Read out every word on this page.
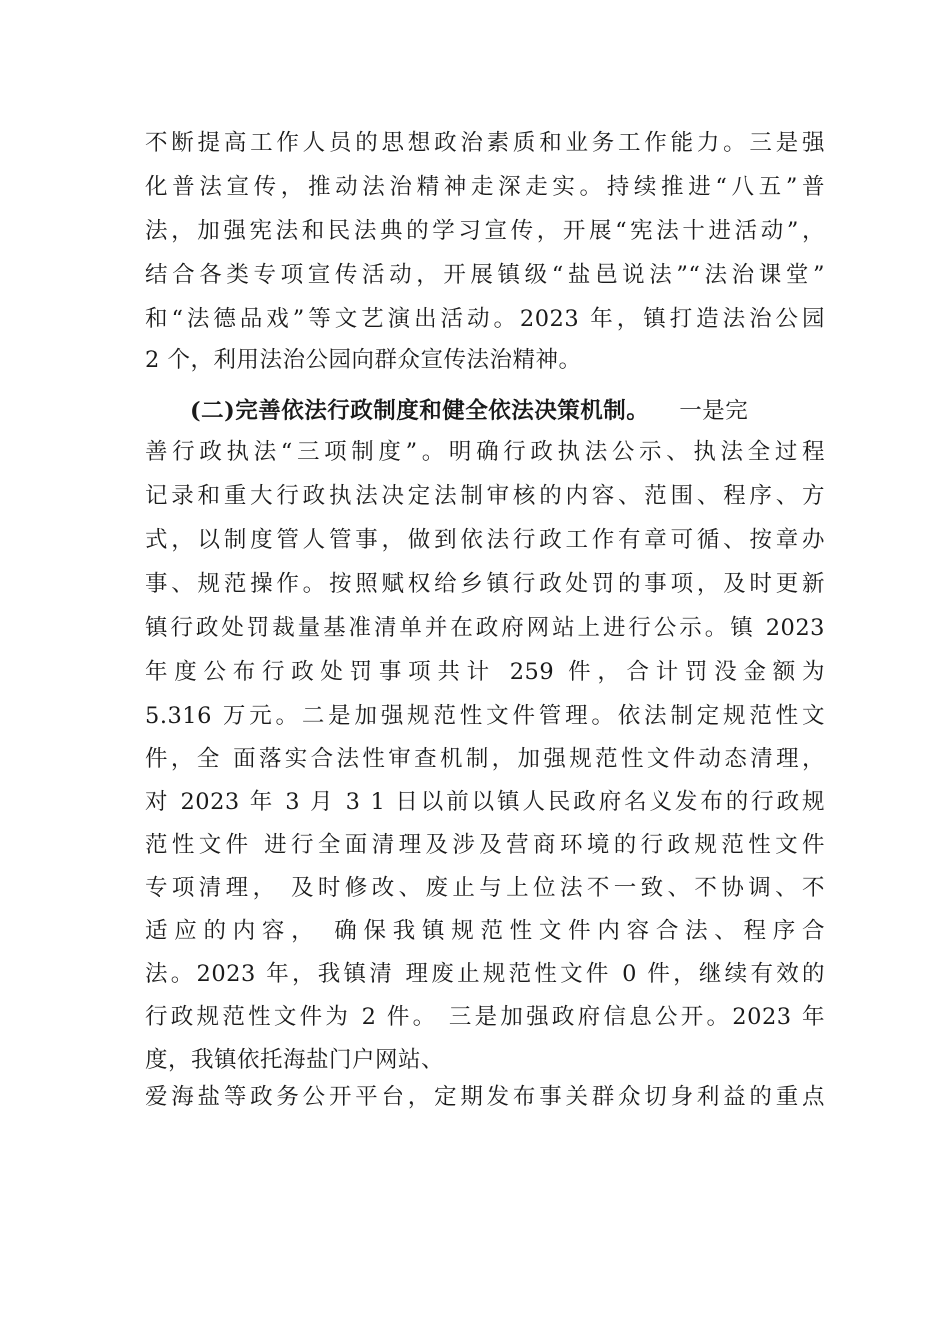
不断提高工作人员的思想政治素质和业务工作能力。三是强
化普法宣传，推动法治精神走深走实。持续推进“八五”普
法，加强宪法和民法典的学习宣传，开展“宪法十进活动”，
结合各类专项宣传活动，开展镇级“盐邑说法”“法治课堂”
和“法德品戏”等文艺演出活动。2023 年，镇打造法治公园
2 个，利用法治公园向群众宣传法治精神。
(二)完善依法行政制度和健全依法决策机制。 一是完
善行政执法“三项制度”。明确行政执法公示、执法全过程
记录和重大行政执法决定法制审核的内容、范围、程序、方
式，以制度管人管事，做到依法行政工作有章可循、按章办
事、规范操作。按照赋权给乡镇行政处罚的事项，及时更新
镇行政处罚裁量基准清单并在政府网站上进行公示。镇 2023
年度公布行政处罚事项共计 259 件，合计罚没金额为
5.316 万元。二是加强规范性文件管理。依法制定规范性文
件，全 面落实合法性审查机制，加强规范性文件动态清理，
对 2023 年 3 月 3 1 日以前以镇人民政府名义发布的行政规
范性文件 进行全面清理及涉及营商环境的行政规范性文件
专项清理， 及时修改、废止与上位法不一致、不协调、不
适应的内容， 确保我镇规范性文件内容合法、程序合
法。2023 年，我镇清 理废止规范性文件 0 件，继续有效的
行政规范性文件为 2 件。 三是加强政府信息公开。2023 年
度，我镇依托海盐门户网站、
爱海盐等政务公开平台，定期发布事关群众切身利益的重点
